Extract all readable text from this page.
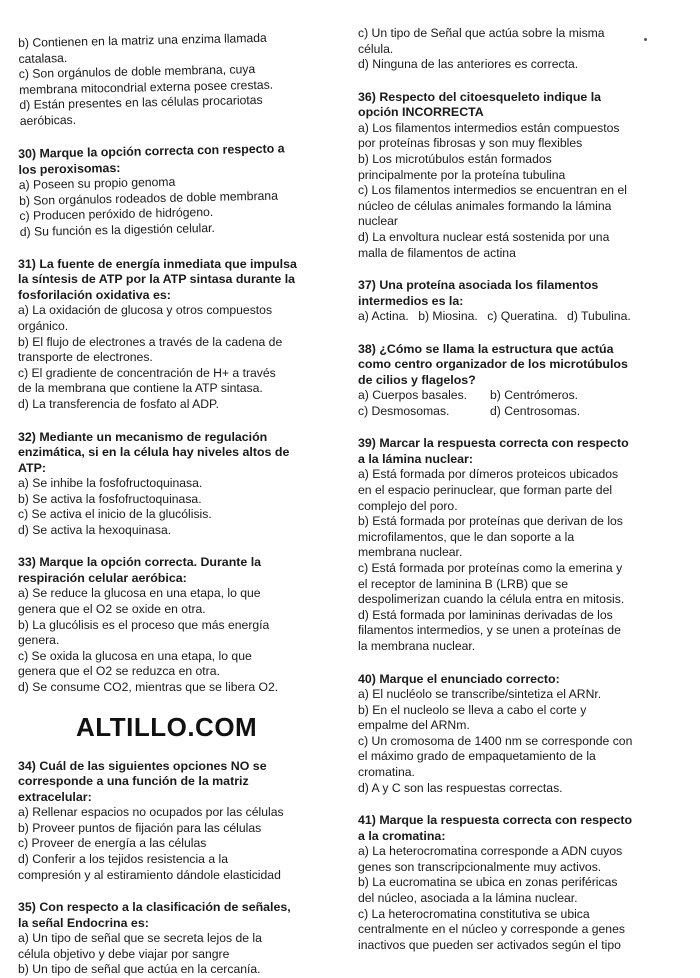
b) Contienen en la matriz una enzima llamada

catalasa.

c) Son orgánulos de doble membrana, cuya

membrana mitocondrial externa posee crestas.

d) Están presentes en las células procariotas

aeróbicas.

30) Marque la opción correcta con respecto a

los peroxisomas:

a) Poseen su propio genoma

b) Son orgánulos rodeados de doble membrana

c) Producen peróxido de hidrógeno.

d) Su función es la digestión celular.

31) La fuente de energía inmediata que impulsa

la síntesis de ATP por la ATP sintasa durante la

fosforilación oxidativa es:

a) La oxidación de glucosa y otros compuestos

orgánico.

b) El flujo de electrones a través de la cadena de

transporte de electrones.

c) El gradiente de concentración de H+ a través

de la membrana que contiene la ATP sintasa.

d) La transferencia de fosfato al ADP.

32) Mediante un mecanismo de regulación

enzimática, si en la célula hay niveles altos de

ATP:

a) Se inhibe la fosfofructoquinasa.

b) Se activa la fosfofructoquinasa.

c) Se activa el inicio de la glucólisis.

d) Se activa la hexoquinasa.

33) Marque la opción correcta. Durante la

respiración celular aeróbica:

a) Se reduce la glucosa en una etapa, lo que

genera que el O2 se oxide en otra.

b) La glucólisis es el proceso que más energía

genera.

c) Se oxida la glucosa en una etapa, lo que

genera que el O2 se reduzca en otra.

d) Se consume CO2, mientras que se libera O2.

ALTILLO.COM

34) Cuál de las siguientes opciones NO se

corresponde a una función de la matriz

extracelular:

a) Rellenar espacios no ocupados por las células

b) Proveer puntos de fijación para las células

c) Proveer de energía a las células

d) Conferir a los tejidos resistencia a la

compresión y al estiramiento dándole elasticidad

35) Con respecto a la clasificación de señales,

la señal Endocrina es:

a) Un tipo de señal que se secreta lejos de la

célula objetivo y debe viajar por sangre

b) Un tipo de señal que actúa en la cercanía.

c) Un tipo de Señal que actúa sobre la misma

célula.

d) Ninguna de las anteriores es correcta.

36) Respecto del citoesqueleto indique la

opción INCORRECTA

a) Los filamentos intermedios están compuestos

por proteínas fibrosas y son muy flexibles

b) Los microtúbulos están formados

principalmente por la proteína tubulina

c) Los filamentos intermedios se encuentran en el

núcleo de células animales formando la lámina

nuclear

d) La envoltura nuclear está sostenida por una

malla de filamentos de actina

37) Una proteína asociada los filamentos

intermedios es la:

a) Actina. b) Miosina. c) Queratina. d) Tubulina.

38) ¿Cómo se llama la estructura que actúa

como centro organizador de los microtúbulos

de cilios y flagelos?

a) Cuerpos basales.	b) Centrómeros.
c) Desmosomas.	d) Centrosomas.

39) Marcar la respuesta correcta con respecto

a la lámina nuclear:

a) Está formada por dímeros proteicos ubicados

en el espacio perinuclear, que forman parte del

complejo del poro.

b) Está formada por proteínas que derivan de los

microfilamentos, que le dan soporte a la

membrana nuclear.

c) Está formada por proteínas como la emerina y

el receptor de laminina B (LRB) que se

despolimerizan cuando la célula entra en mitosis.

d) Está formada por lamininas derivadas de los

filamentos intermedios, y se unen a proteínas de

la membrana nuclear.

40) Marque el enunciado correcto:

a) El nucléolo se transcribe/sintetiza el ARNr.

b) En el nucleolo se lleva a cabo el corte y

empalme del ARNm.

c) Un cromosoma de 1400 nm se corresponde con

el máximo grado de empaquetamiento de la

cromatina.

d) A y C son las respuestas correctas.

41) Marque la respuesta correcta con respecto

a la cromatina:

a) La heterocromatina corresponde a ADN cuyos

genes son transcripcionalmente muy activos.

b) La eucromatina se ubica en zonas periféricas

del núcleo, asociada a la lámina nuclear.

c) La heterocromatina constitutiva se ubica

centralmente en el núcleo y corresponde a genes

inactivos que pueden ser activados según el tipo
